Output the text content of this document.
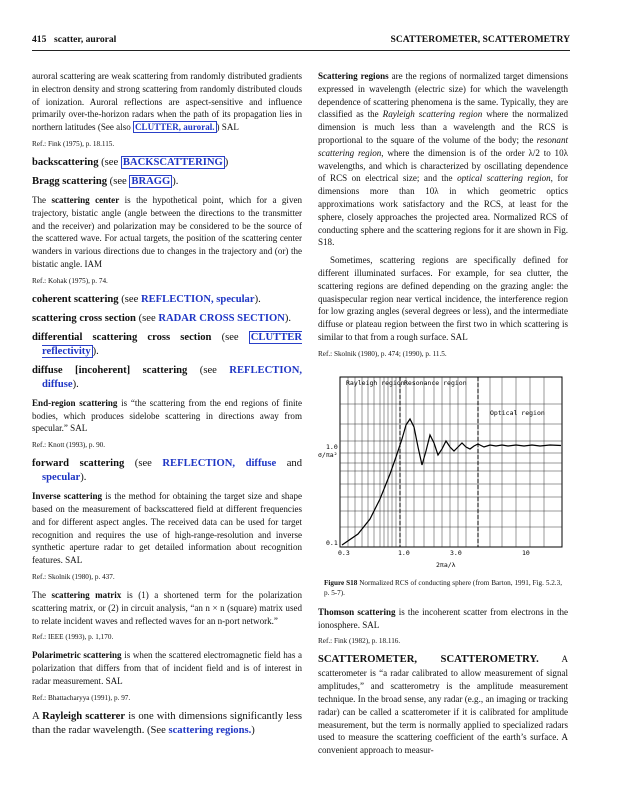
415 scatter, auroral	SCATTEROMETER, SCATTEROMETRY

auroral scattering are weak scattering from randomly distributed gradients in electron density and strong scattering from randomly distributed clouds of ionization. Auroral reflections are aspect-sensitive and influence primarily over-the-horizon radars when the path of its propagation lies in northern latitudes (See also CLUTTER, auroral. ) SAL

Ref.: Fink (1975), p. 18.115.

backscattering (see BACKSCATTERING )

Bragg scattering (see BRAGG ).

The scattering center is the hypothetical point, which for a given trajectory, bistatic angle (angle between the directions to the transmitter and the receiver) and polarization may be considered to be the source of the scattered wave. For actual targets, the position of the scattering center wanders in various directions due to changes in the trajectory and (or) the bistatic angle. IAM

Ref.: Kohak (1975), p. 74.

coherent scattering (see REFLECTION, specular).

scattering cross section (see RADAR CROSS SECTION).

differential scattering cross section (see CLUTTER reflectivity ).

diffuse [incoherent] scattering (see REFLECTION, diffuse).

End-region scattering is “the scattering from the end regions of finite bodies, which produces sidelobe scattering in directions away from specular.” SAL

Ref.: Knott (1993), p. 90.

forward scattering (see REFLECTION, diffuse and specular).

Inverse scattering is the method for obtaining the target size and shape based on the measurement of backscattered field at different frequencies and for different aspect angles. The received data can be used for target recognition and requires the use of high-range-resolution and inverse synthetic aperture radar to get detailed information about recognition features. SAL

Ref.: Skolnik (1980), p. 437.

The scattering matrix is (1) a shortened term for the polarization scattering matrix, or (2) in circuit analysis, “an n × n (square) matrix used to relate incident waves and reflected waves for an n-port network.”

Ref.: IEEE (1993), p. 1,170.

Polarimetric scattering is when the scattered electromagnetic field has a polarization that differs from that of incident field and is of interest in radar measurement. SAL

Ref.: Bhattacharyya (1991), p. 97.

A Rayleigh scatterer is one with dimensions significantly less than the radar wavelength. (See scattering regions.)

Scattering regions are the regions of normalized target dimensions expressed in wavelength (electric size) for which the wavelength dependence of scattering phenomena is the same. Typically, they are classified as the Rayleigh scattering region where the normalized dimension is much less than a wavelength and the RCS is proportional to the square of the volume of the body; the resonant scattering region, where the dimension is of the order λ/2 to 10λ wavelengths, and which is characterized by oscillating dependence of RCS on electrical size; and the optical scattering region, for dimensions more than 10λ in which geometric optics approximations work satisfactory and the RCS, at least for the sphere, closely approaches the projected area. Normalized RCS of conducting sphere and the scattering regions for it are shown in Fig. S18.

Sometimes, scattering regions are specifically defined for different illuminated surfaces. For example, for sea clutter, the scattering regions are defined depending on the grazing angle: the quasispecular region near vertical incidence, the interference region for low grazing angles (several degrees or less), and the intermediate diffuse or plateau region between the first two in which scattering is similar to that from a rough surface. SAL

Ref.: Skolnik (1980), p. 474; (1990), p. 11.5.

Rayleigh region Resonance region
Optical region
σ/πa²
1.0
0.1
0.3	1.0	3.0	10
2πa/λ

Figure S18 Normalized RCS of conducting sphere (from Barton, 1991, Fig. 5.2.3, p. 5-7).

Thomson scattering is the incoherent scatter from electrons in the ionosphere. SAL

Ref.: Fink (1982), p. 18.116.

SCATTEROMETER, SCATTEROMETRY. A scatterometer is “a radar calibrated to allow measurement of signal amplitudes,” and scatterometry is the amplitude measurement technique. In the broad sense, any radar (e.g., an imaging or tracking radar) can be called a scatterometer if it is calibrated for amplitude measurement, but the term is normally applied to specialized radars used to measure the scattering coefficient of the earth’s surface. A convenient approach to measur-
